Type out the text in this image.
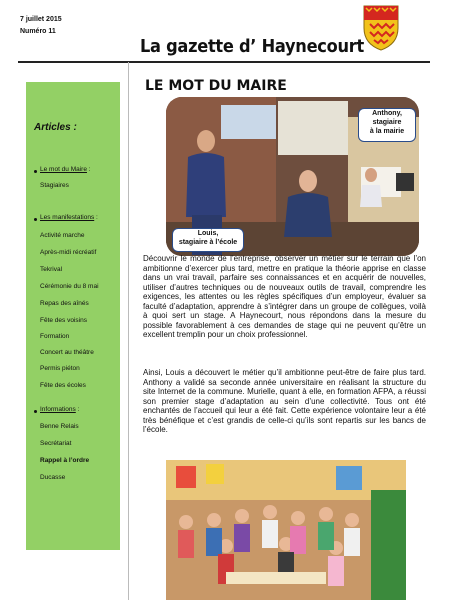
7 juillet 2015
Numéro 11
La gazette d’ Haynecourt
Articles :
Le mot du Maire :
Stagiaires
Les manifestations :
Activité marche
Après-midi récréatif
Tekrival
Cérémonie du 8 mai
Repas des aînés
Fête des voisins
Formation
Concert au théâtre
Permis piéton
Fête des écoles
Informations :
Benne Relais
Secrétariat
Rappel à l’ordre
Ducasse
LE MOT DU MAIRE
Anthony,
stagiaire
à la mairie
Louis,
stagiaire à l’école

Découvrir le monde de l’entreprise, observer un métier sur le terrain que l’on ambitionne d’exercer plus tard, mettre en pratique la théorie apprise en classe dans un vrai travail, parfaire ses connaissances et en acquérir de nouvelles, utiliser d’autres techniques ou de nouveaux outils de travail, comprendre les exigences, les attentes ou les règles spécifiques d’un employeur, évaluer sa faculté d’adaptation, apprendre à s’intégrer dans un groupe de collègues, voilà à quoi sert un stage. A Haynecourt, nous répondons dans la mesure du possible favorablement à ces demandes de stage qui ne peuvent qu’être un excellent tremplin pour un choix professionnel.

Ainsi, Louis a découvert le métier qu’il ambitionne peut-être de faire plus tard. Anthony a validé sa seconde année universitaire en réalisant la structure du site Internet de la commune. Murielle, quant à elle, en formation AFPA, a réussi son premier stage d’adaptation au sein d’une collectivité. Tous ont été enchantés de l’accueil qui leur a été fait. Cette expérience volontaire leur a été très bénéfique et c’est grandis de celle-ci qu’ils sont repartis sur les bancs de l’école.
